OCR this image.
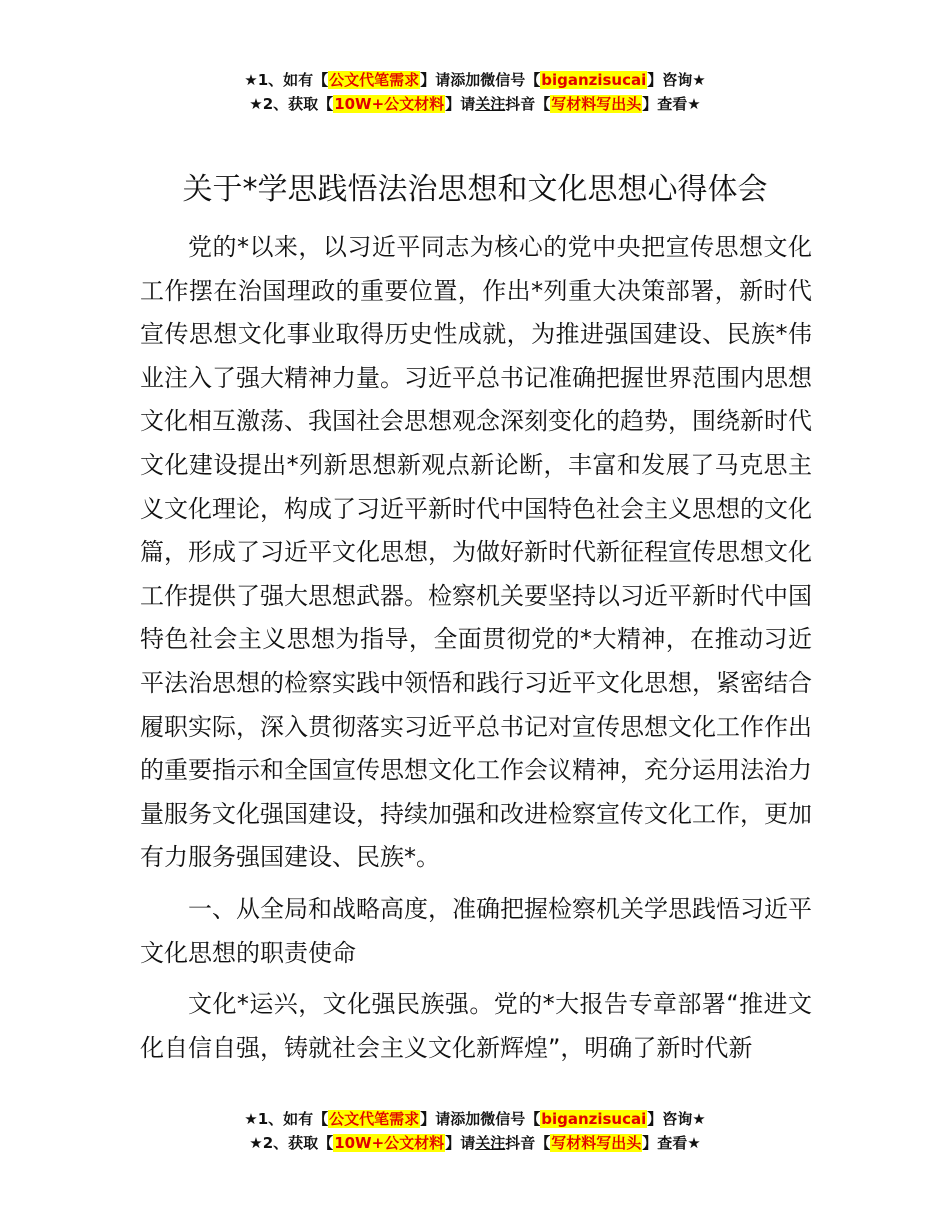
★1、如有【公文代笔需求】请添加微信号【biganzisucai】咨询★
★2、获取【10W+公文材料】请关注抖音【写材料写出头】查看★
关于*学思践悟法治思想和文化思想心得体会

党的*以来，以习近平同志为核心的党中央把宣传思想文化工作摆在治国理政的重要位置，作出*列重大决策部署，新时代宣传思想文化事业取得历史性成就，为推进强国建设、民族*伟业注入了强大精神力量。习近平总书记准确把握世界范围内思想文化相互激荡、我国社会思想观念深刻变化的趋势，围绕新时代文化建设提出*列新思想新观点新论断，丰富和发展了马克思主义文化理论，构成了习近平新时代中国特色社会主义思想的文化篇，形成了习近平文化思想，为做好新时代新征程宣传思想文化工作提供了强大思想武器。检察机关要坚持以习近平新时代中国特色社会主义思想为指导，全面贯彻党的*大精神，在推动习近平法治思想的检察实践中领悟和践行习近平文化思想，紧密结合履职实际，深入贯彻落实习近平总书记对宣传思想文化工作作出的重要指示和全国宣传思想文化工作会议精神，充分运用法治力量服务文化强国建设，持续加强和改进检察宣传文化工作，更加有力服务强国建设、民族*。

一、从全局和战略高度，准确把握检察机关学思践悟习近平文化思想的职责使命

文化*运兴，文化强民族强。党的*大报告专章部署“推进文化自信自强，铸就社会主义文化新辉煌”，明确了新时代新

★1、如有【公文代笔需求】请添加微信号【biganzisucai】咨询★
★2、获取【10W+公文材料】请关注抖音【写材料写出头】查看★
